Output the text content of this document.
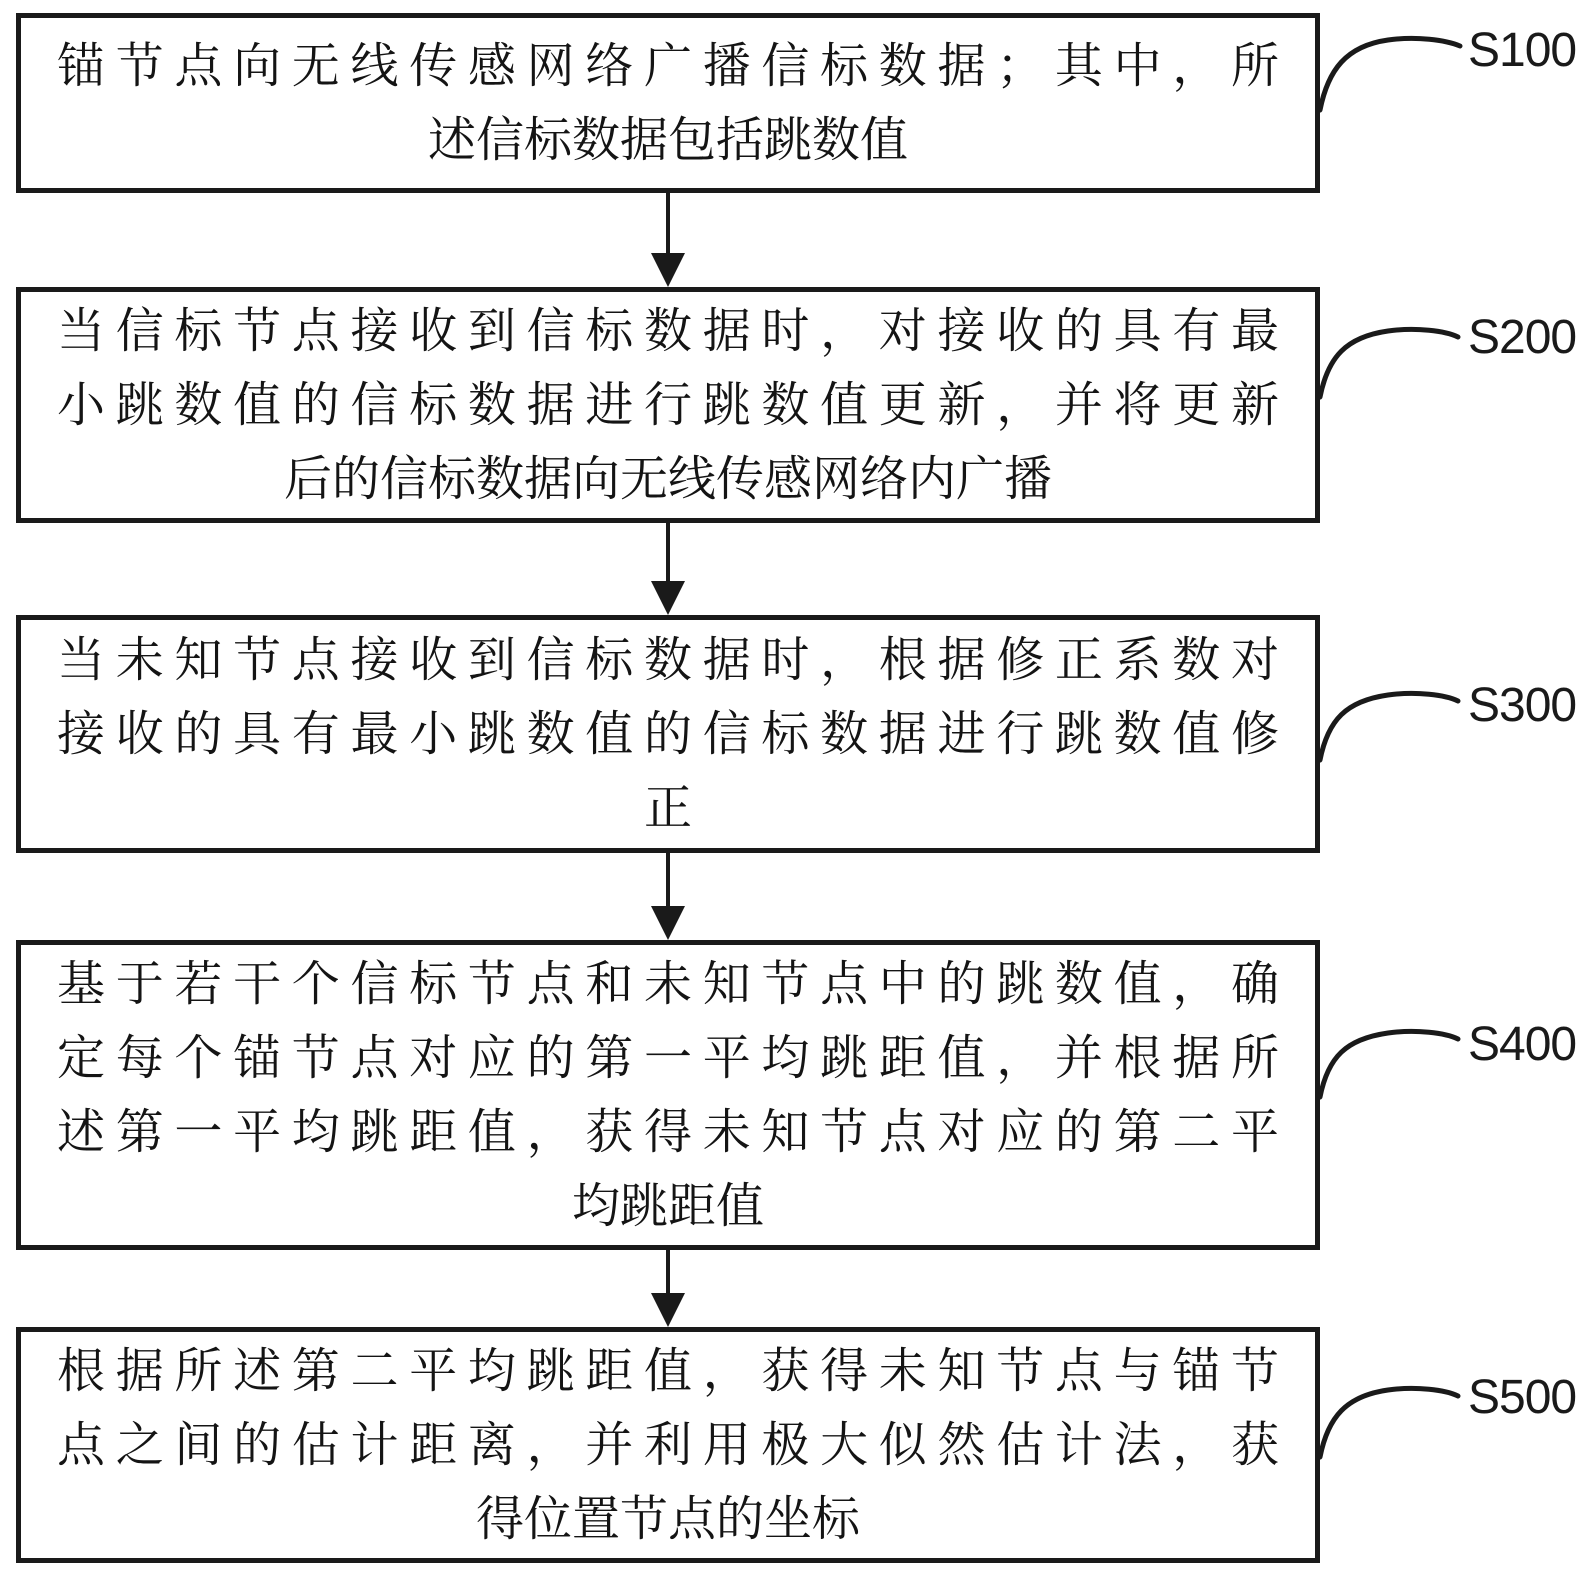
锚节点向无线传感网络广播信标数据；其中，所
述信标数据包括跳数值
当信标节点接收到信标数据时，对接收的具有最
小跳数值的信标数据进行跳数值更新，并将更新
后的信标数据向无线传感网络内广播
当未知节点接收到信标数据时，根据修正系数对
接收的具有最小跳数值的信标数据进行跳数值修
正
基于若干个信标节点和未知节点中的跳数值，确
定每个锚节点对应的第一平均跳距值，并根据所
述第一平均跳距值，获得未知节点对应的第二平
均跳距值
根据所述第二平均跳距值，获得未知节点与锚节
点之间的估计距离，并利用极大似然估计法，获
得位置节点的坐标
S100
S200
S300
S400
S500
